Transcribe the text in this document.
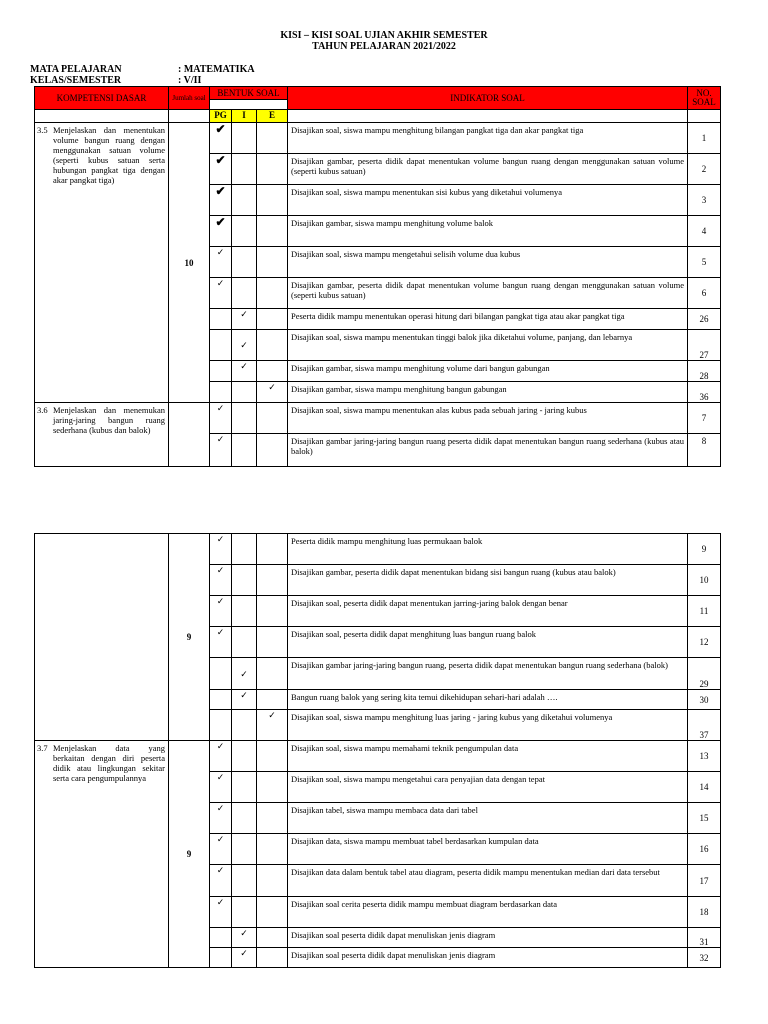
KISI – KISI SOAL UJIAN AKHIR SEMESTER
TAHUN PELAJARAN 2021/2022
MATA PELAJARAN	: MATEMATIKA
KELAS/SEMESTER	: V/II
KOMPETENSI DASAR	Jumlah soal	BENTUK SOAL			INDIKATOR SOAL	NO. SOAL

		PG	I	E		

3.5 Menjelaskan dan menentukan volume bangun ruang dengan menggunakan satuan volume (seperti kubus satuan serta hubungan pangkat tiga dengan akar pangkat tiga)	10	✔			Disajikan soal, siswa mampu menghitung bilangan pangkat tiga dan akar pangkat tiga	1
		✔			Disajikan gambar, peserta didik dapat menentukan volume bangun ruang dengan menggunakan satuan volume (seperti kubus satuan)	2
		✔			Disajikan soal, siswa mampu menentukan sisi kubus yang diketahui volumenya	3
		✔			Disajikan gambar, siswa mampu menghitung volume balok	4
		✓			Disajikan soal, siswa mampu mengetahui selisih volume dua kubus	5
		✓			Disajikan gambar, peserta didik dapat menentukan volume bangun ruang dengan menggunakan satuan volume (seperti kubus satuan)	6
			✓		Peserta didik mampu menentukan operasi hitung dari bilangan pangkat tiga atau akar pangkat tiga	26
			✓		Disajikan soal, siswa mampu menentukan tinggi balok jika diketahui volume, panjang, dan lebarnya	27
			✓		Disajikan gambar, siswa mampu menghitung volume dari bangun gabungan	28
				✓	Disajikan gambar, siswa mampu menghitung bangun gabungan	36

3.6 Menjelaskan dan menemukan jaring-jaring bangun ruang sederhana (kubus dan balok)		✓			Disajikan soal, siswa mampu menentukan alas kubus pada sebuah jaring - jaring kubus	7
		✓			Disajikan gambar jaring-jaring bangun ruang peserta didik dapat menentukan bangun ruang sederhana (kubus atau balok)	8
	9	✓			Peserta didik mampu menghitung luas permukaan balok	9
		✓			Disajikan gambar, peserta didik dapat menentukan bidang sisi bangun ruang (kubus atau balok)	10
		✓			Disajikan soal, peserta didik dapat menentukan jarring-jaring balok dengan benar	11
		✓			Disajikan soal, peserta didik dapat menghitung luas bangun ruang balok	12
			✓		Disajikan gambar jaring-jaring bangun ruang, peserta didik dapat menentukan bangun ruang sederhana (balok)	29
			✓		Bangun ruang balok yang sering kita temui dikehidupan sehari-hari adalah ….	30
				✓	Disajikan soal, siswa mampu menghitung luas jaring - jaring kubus yang diketahui volumenya	37

3.7 Menjelaskan data yang berkaitan dengan diri peserta didik atau lingkungan sekitar serta cara pengumpulannya	9	✓			Disajikan soal, siswa mampu memahami teknik pengumpulan data	13
		✓			Disajikan soal, siswa mampu mengetahui cara penyajian data dengan tepat	14
		✓			Disajikan tabel, siswa mampu membaca data dari tabel	15
		✓			Disajikan data, siswa mampu membuat tabel berdasarkan kumpulan data	16
		✓			Disajikan data dalam bentuk tabel atau diagram, peserta didik mampu menentukan median dari data tersebut	17
		✓			Disajikan soal cerita peserta didik mampu membuat diagram berdasarkan data	18
			✓		Disajikan soal peserta didik dapat menuliskan jenis diagram	31
			✓		Disajikan soal peserta didik dapat menuliskan jenis diagram	32
